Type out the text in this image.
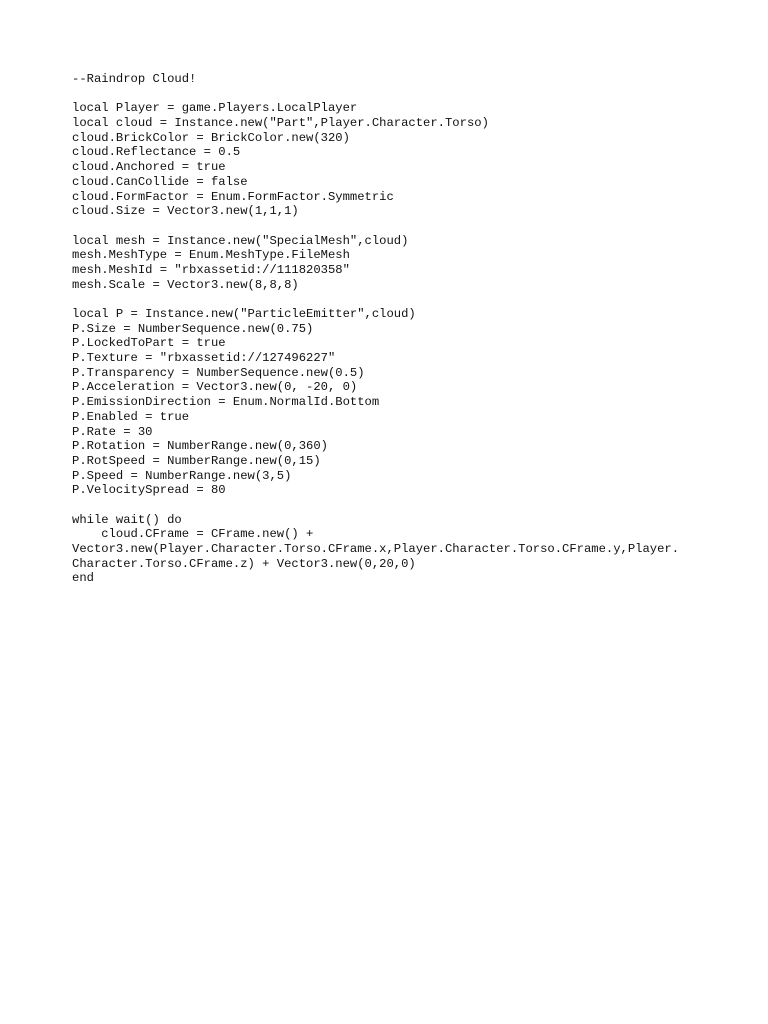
--Raindrop Cloud!
local Player = game.Players.LocalPlayer
local cloud = Instance.new("Part",Player.Character.Torso)
cloud.BrickColor = BrickColor.new(320)
cloud.Reflectance = 0.5
cloud.Anchored = true
cloud.CanCollide = false
cloud.FormFactor = Enum.FormFactor.Symmetric
cloud.Size = Vector3.new(1,1,1)
local mesh = Instance.new("SpecialMesh",cloud)
mesh.MeshType = Enum.MeshType.FileMesh
mesh.MeshId = "rbxassetid://111820358"
mesh.Scale = Vector3.new(8,8,8)
local P = Instance.new("ParticleEmitter",cloud)
P.Size = NumberSequence.new(0.75)
P.LockedToPart = true
P.Texture = "rbxassetid://127496227"
P.Transparency = NumberSequence.new(0.5)
P.Acceleration = Vector3.new(0, -20, 0)
P.EmissionDirection = Enum.NormalId.Bottom
P.Enabled = true
P.Rate = 30
P.Rotation = NumberRange.new(0,360)
P.RotSpeed = NumberRange.new(0,15)
P.Speed = NumberRange.new(3,5)
P.VelocitySpread = 80
while wait() do
cloud.CFrame = CFrame.new() +
Vector3.new(Player.Character.Torso.CFrame.x,Player.Character.Torso.CFrame.y,Player.
Character.Torso.CFrame.z) + Vector3.new(0,20,0)
end
